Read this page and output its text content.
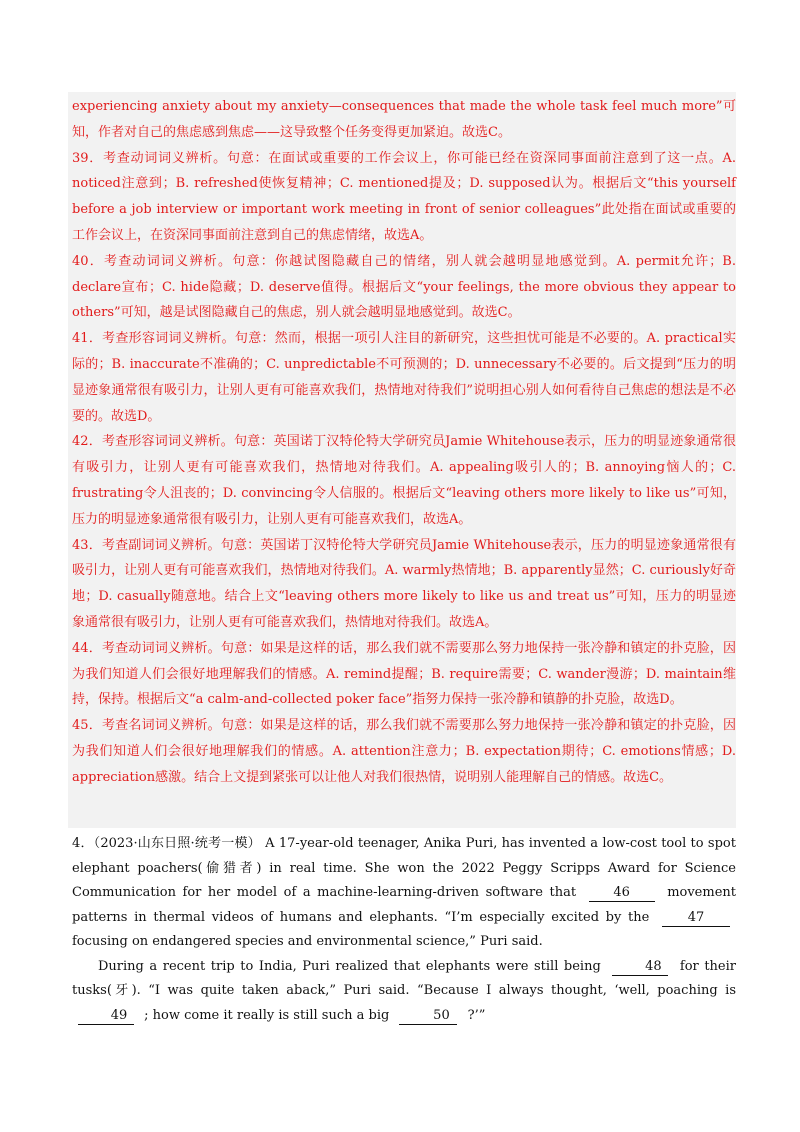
experiencing anxiety about my anxiety—consequences that made the whole task feel much more”可知，作者对自己的焦虑感到焦虑——这导致整个任务变得更加紧迫。故选C。

39．考查动词词义辨析。句意：在面试或重要的工作会议上，你可能已经在资深同事面前注意到了这一点。A. noticed注意到；B. refreshed使恢复精神；C. mentioned提及；D. supposed认为。根据后文“this yourself before a job interview or important work meeting in front of senior colleagues”此处指在面试或重要的工作会议上，在资深同事面前注意到自己的焦虑情绪，故选A。

40．考查动词词义辨析。句意：你越试图隐藏自己的情绪，别人就会越明显地感觉到。A. permit允许；B. declare宣布；C. hide隐藏；D. deserve值得。根据后文“your feelings, the more obvious they appear to others”可知，越是试图隐藏自己的焦虑，别人就会越明显地感觉到。故选C。

41．考查形容词词义辨析。句意：然而，根据一项引人注目的新研究，这些担忧可能是不必要的。A. practical实际的；B. inaccurate不准确的；C. unpredictable不可预测的；D. unnecessary不必要的。后文提到“压力的明显迹象通常很有吸引力，让别人更有可能喜欢我们，热情地对待我们”说明担心别人如何看待自己焦虑的想法是不必要的。故选D。

42．考查形容词词义辨析。句意：英国诺丁汉特伦特大学研究员Jamie Whitehouse表示，压力的明显迹象通常很有吸引力，让别人更有可能喜欢我们，热情地对待我们。A. appealing吸引人的；B. annoying恼人的；C. frustrating令人沮丧的；D. convincing令人信服的。根据后文“leaving others more likely to like us”可知，压力的明显迹象通常很有吸引力，让别人更有可能喜欢我们，故选A。

43．考查副词词义辨析。句意：英国诺丁汉特伦特大学研究员Jamie Whitehouse表示，压力的明显迹象通常很有吸引力，让别人更有可能喜欢我们，热情地对待我们。A. warmly热情地；B. apparently显然；C. curiously好奇地；D. casually随意地。结合上文“leaving others more likely to like us and treat us”可知，压力的明显迹象通常很有吸引力，让别人更有可能喜欢我们，热情地对待我们。故选A。

44．考查动词词义辨析。句意：如果是这样的话，那么我们就不需要那么努力地保持一张冷静和镇定的扑克脸，因为我们知道人们会很好地理解我们的情感。A. remind提醒；B. require需要；C. wander漫游；D. maintain维持，保持。根据后文“a calm-and-collected poker face”指努力保持一张冷静和镇静的扑克脸，故选D。

45．考查名词词义辨析。句意：如果是这样的话，那么我们就不需要那么努力地保持一张冷静和镇定的扑克脸，因为我们知道人们会很好地理解我们的情感。A. attention注意力；B. expectation期待；C. emotions情感；D. appreciation感激。结合上文提到紧张可以让他人对我们很热情，说明别人能理解自己的情感。故选C。

4．（2023·山东日照·统考一模） A 17-year-old teenager, Anika Puri, has invented a low-cost tool to spot elephant poachers(偷猎者) in real time. She won the 2022 Peggy Scripps Award for Science Communication for her model of a machine-learning-driven software that	46	movement patterns in thermal videos of humans and elephants. “I’m especially excited by the	47 focusing on endangered species and environmental science,” Puri said.

During a recent trip to India, Puri realized that elephants were still being	48 for their tusks(牙). “I was quite taken aback,” Puri said. “Because I always thought, ‘well, poaching is 49 ; how come it really is still such a big	50 ?’”
